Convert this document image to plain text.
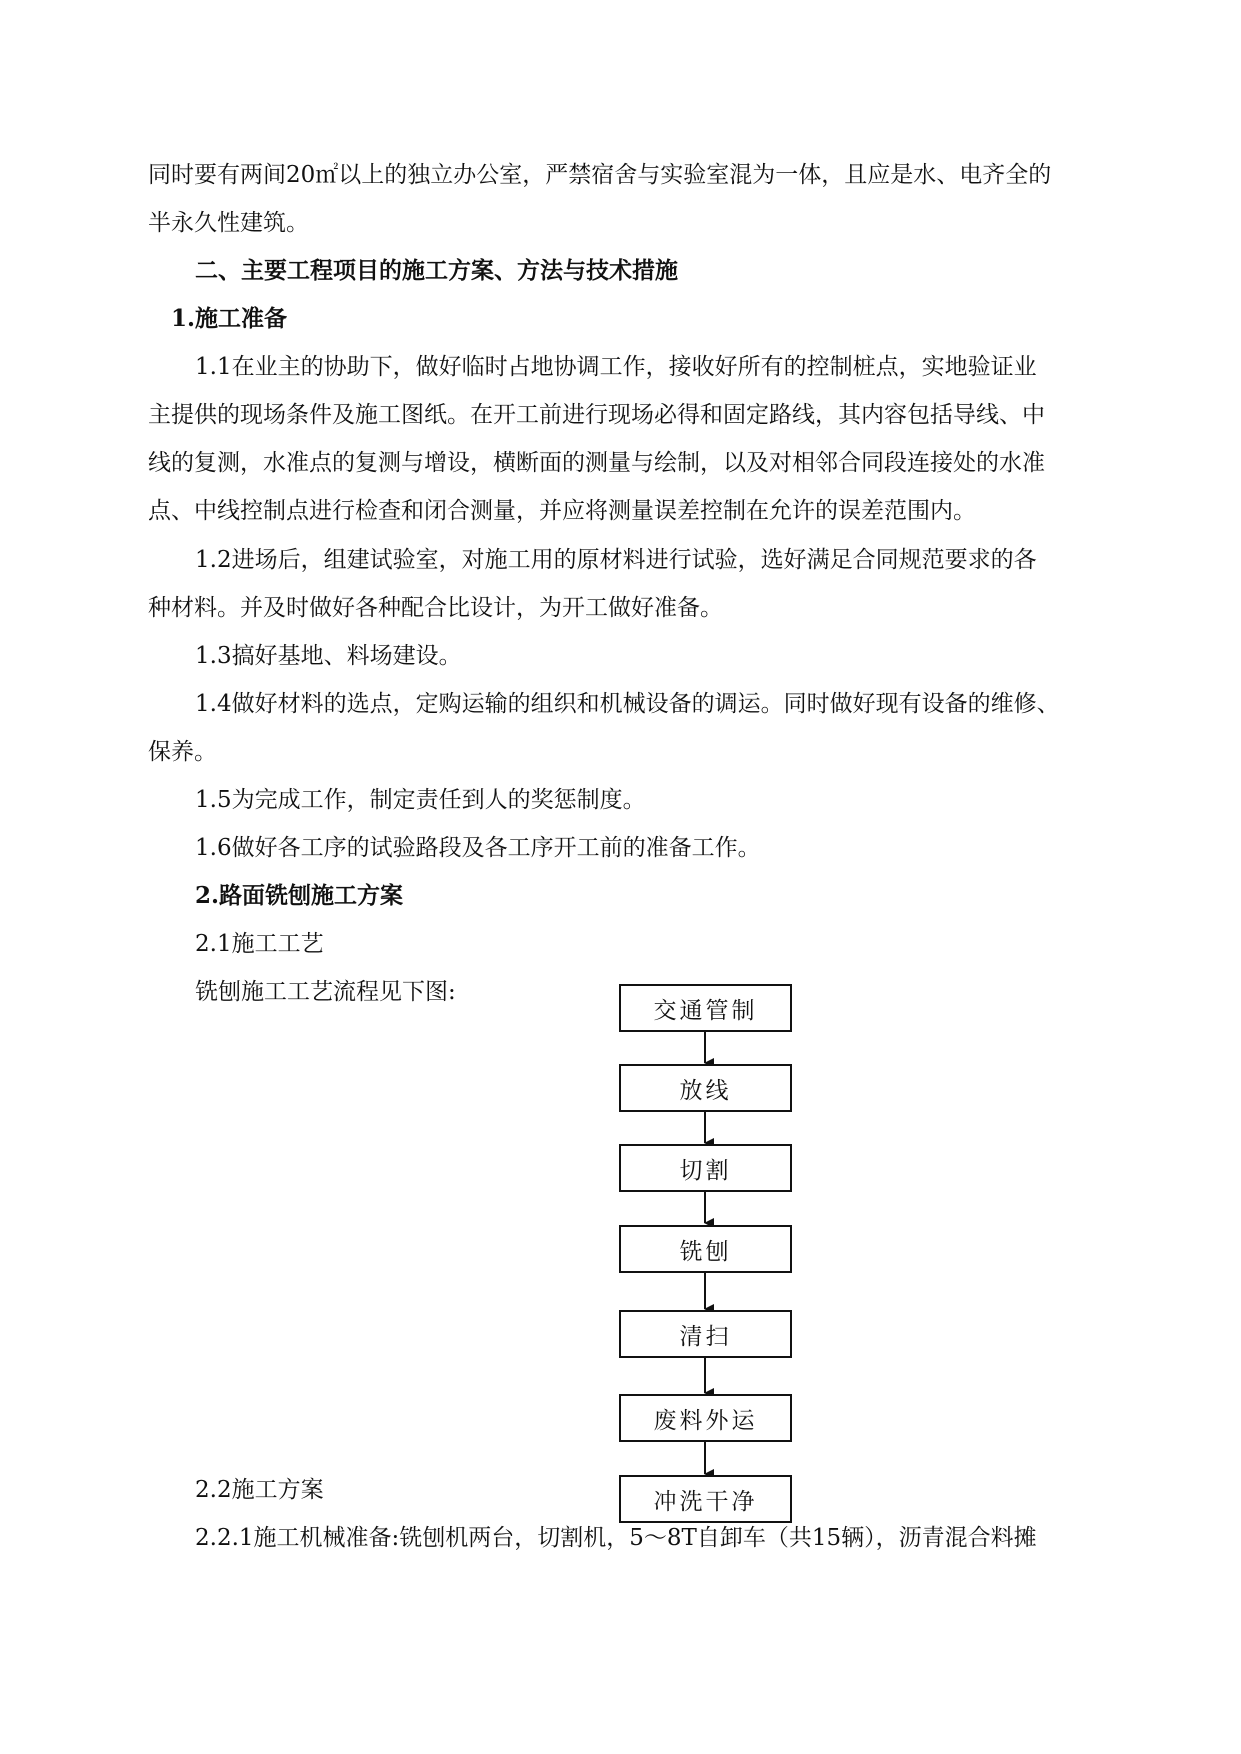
同时要有两间20㎡以上的独立办公室，严禁宿舍与实验室混为一体，且应是水、电齐全的
半永久性建筑。
二、主要工程项目的施工方案、方法与技术措施
1.施工准备
1.1在业主的协助下，做好临时占地协调工作，接收好所有的控制桩点，实地验证业
主提供的现场条件及施工图纸。在开工前进行现场必得和固定路线，其内容包括导线、中
线的复测，水准点的复测与增设，横断面的测量与绘制，以及对相邻合同段连接处的水准
点、中线控制点进行检查和闭合测量，并应将测量误差控制在允许的误差范围内。
1.2进场后，组建试验室，对施工用的原材料进行试验，选好满足合同规范要求的各
种材料。并及时做好各种配合比设计，为开工做好准备。
1.3搞好基地、料场建设。
1.4做好材料的选点，定购运输的组织和机械设备的调运。同时做好现有设备的维修、
保养。
1.5为完成工作，制定责任到人的奖惩制度。
1.6做好各工序的试验路段及各工序开工前的准备工作。
2.路面铣刨施工方案
2.1施工工艺
铣刨施工工艺流程见下图:
2.2施工方案
2.2.1施工机械准备:铣刨机两台，切割机，5～8T自卸车（共15辆），沥青混合料摊
交通管制
放线
切割
铣刨
清扫
废料外运
冲洗干净
